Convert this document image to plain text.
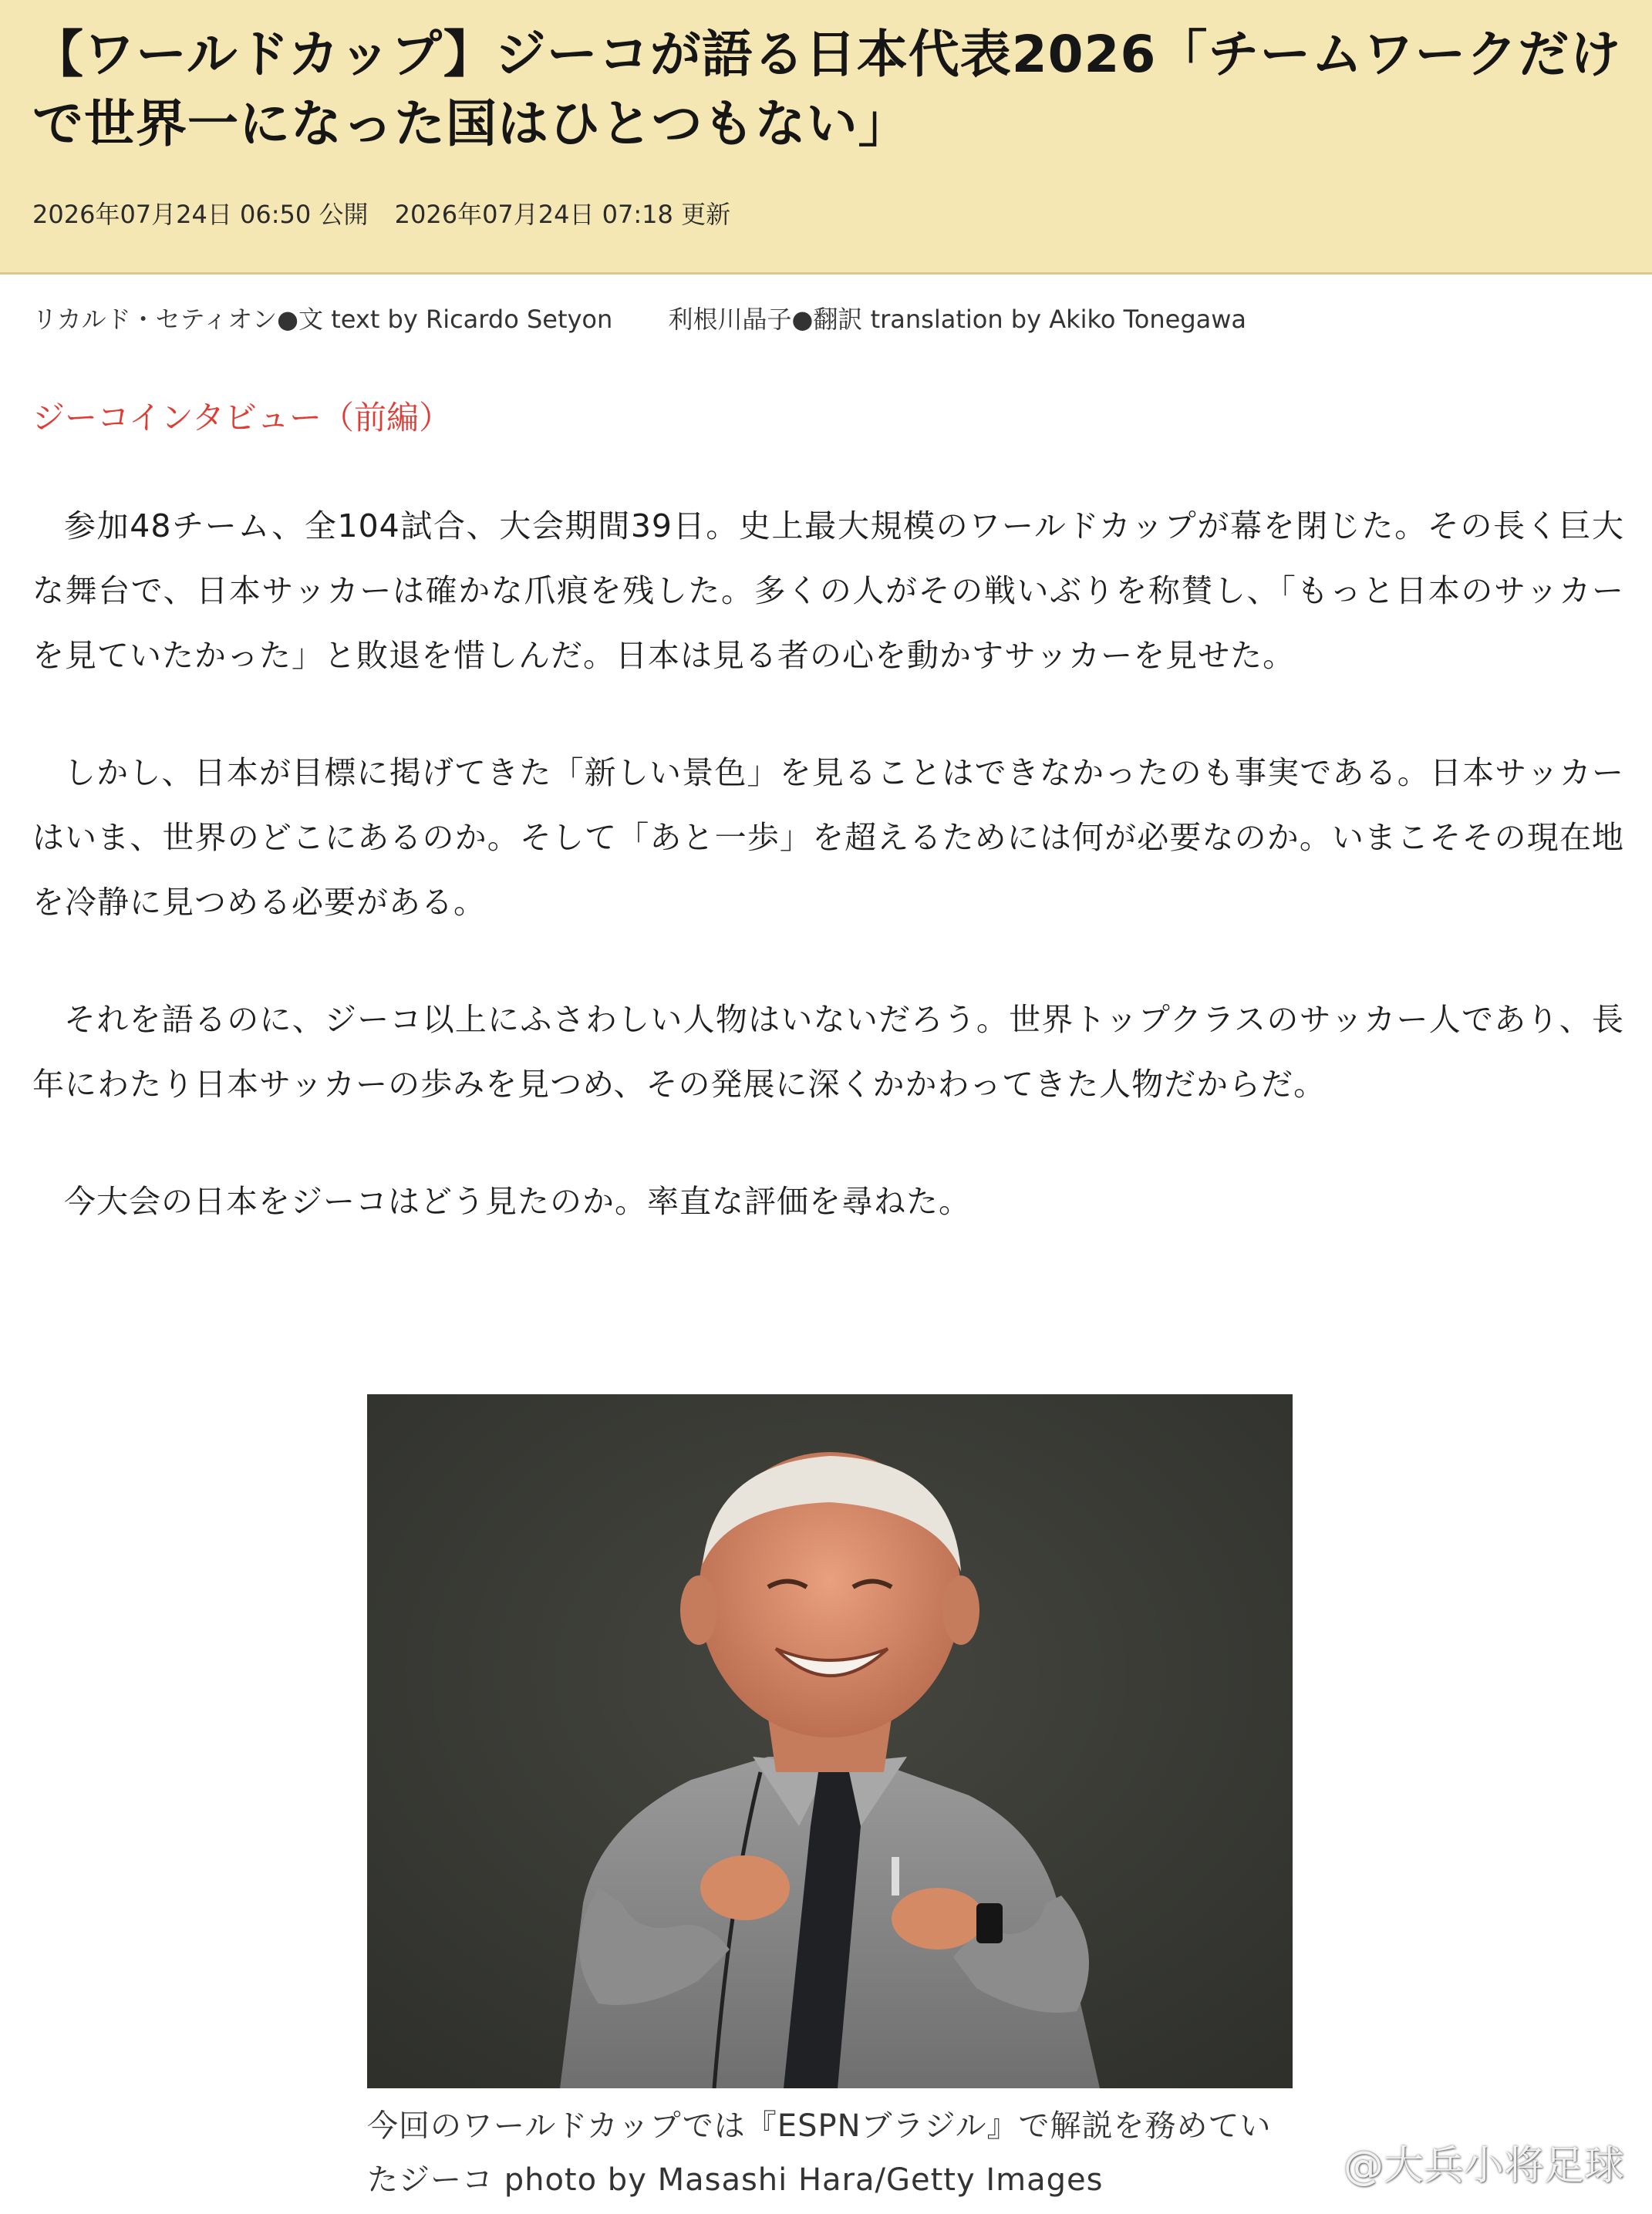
【ワールドカップ】ジーコが語る日本代表2026「チームワークだけで世界一になった国はひとつもない」
2026年07月24日 06:50 公開 2026年07月24日 07:18 更新
リカルド・セティオン●文 text by Ricardo Setyon 利根川晶子●翻訳 translation by Akiko Tonegawa
ジーコインタビュー（前編）

参加48チーム、全104試合、大会期間39日。史上最大規模のワールドカップが幕を閉じた。その長く巨大な舞台で、日本サッカーは確かな爪痕を残した。多くの人がその戦いぶりを称賛し、「もっと日本のサッカーを見ていたかった」と敗退を惜しんだ。日本は見る者の心を動かすサッカーを見せた。

しかし、日本が目標に掲げてきた「新しい景色」を見ることはできなかったのも事実である。日本サッカーはいま、世界のどこにあるのか。そして「あと一歩」を超えるためには何が必要なのか。いまこそその現在地を冷静に見つめる必要がある。

それを語るのに、ジーコ以上にふさわしい人物はいないだろう。世界トップクラスのサッカー人であり、長年にわたり日本サッカーの歩みを見つめ、その発展に深くかかわってきた人物だからだ。

今大会の日本をジーコはどう見たのか。率直な評価を尋ねた。

今回のワールドカップでは『ESPNブラジル』で解説を務めていたジーコ photo by Masashi Hara/Getty Images	@大兵小将足球
